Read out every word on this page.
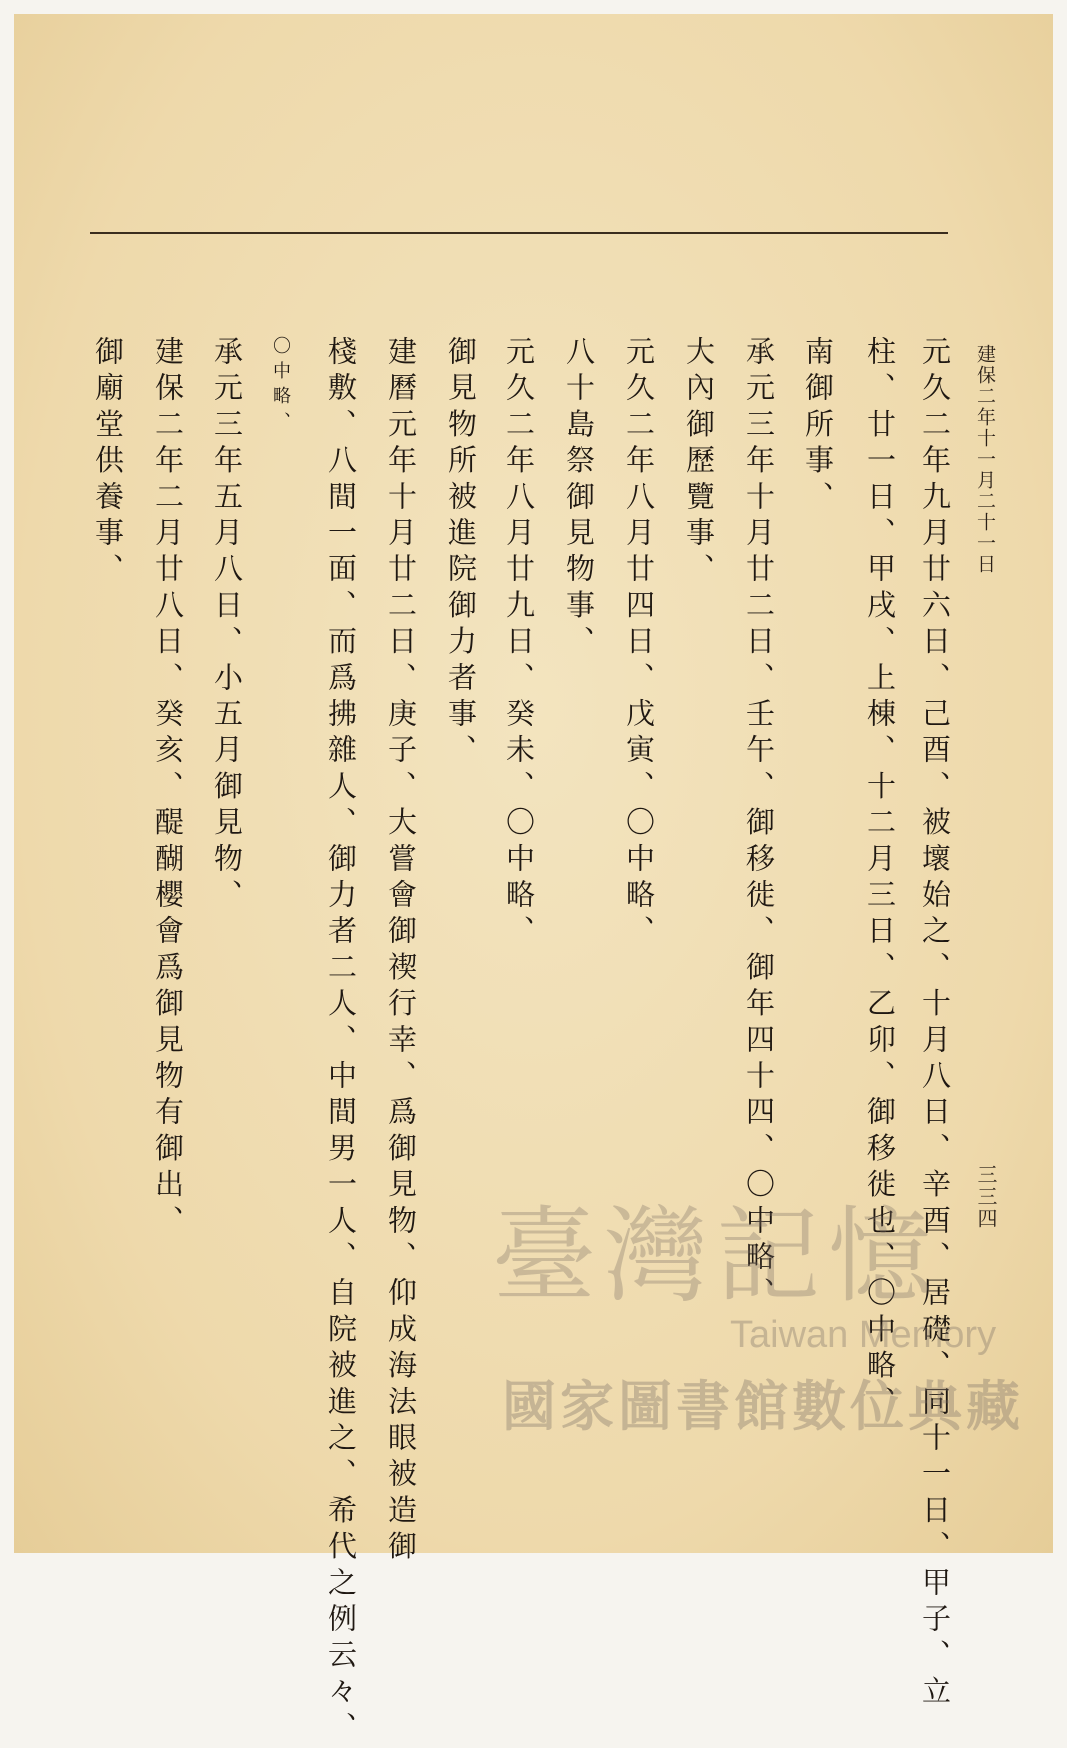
建保二年十一月二十一日
三三四
元久二年九月廿六日、己酉、被壞始之、十月八日、辛酉、居礎、同十一日、甲子、立
柱、廿一日、甲戌、上棟、十二月三日、乙卯、御移徙也、〇中略、
南御所事、
承元三年十月廿二日、壬午、御移徙、御年四十四、〇中略、
大內御歷覽事、
元久二年八月廿四日、戊寅、〇中略、
八十島祭御見物事、
元久二年八月廿九日、癸未、〇中略、
御見物所被進院御力者事、
建曆元年十月廿二日、庚子、大嘗會御禊行幸、爲御見物、仰成海法眼被造御
棧敷、八間一面、而爲拂雜人、御力者二人、中間男一人、自院被進之、希代之例云々、
〇中略、
承元三年五月八日、小五月御見物、
建保二年二月廿八日、癸亥、醍醐櫻會爲御見物有御出、
御廟堂供養事、
臺灣記憶
Taiwan Memory
國家圖書館數位典藏
